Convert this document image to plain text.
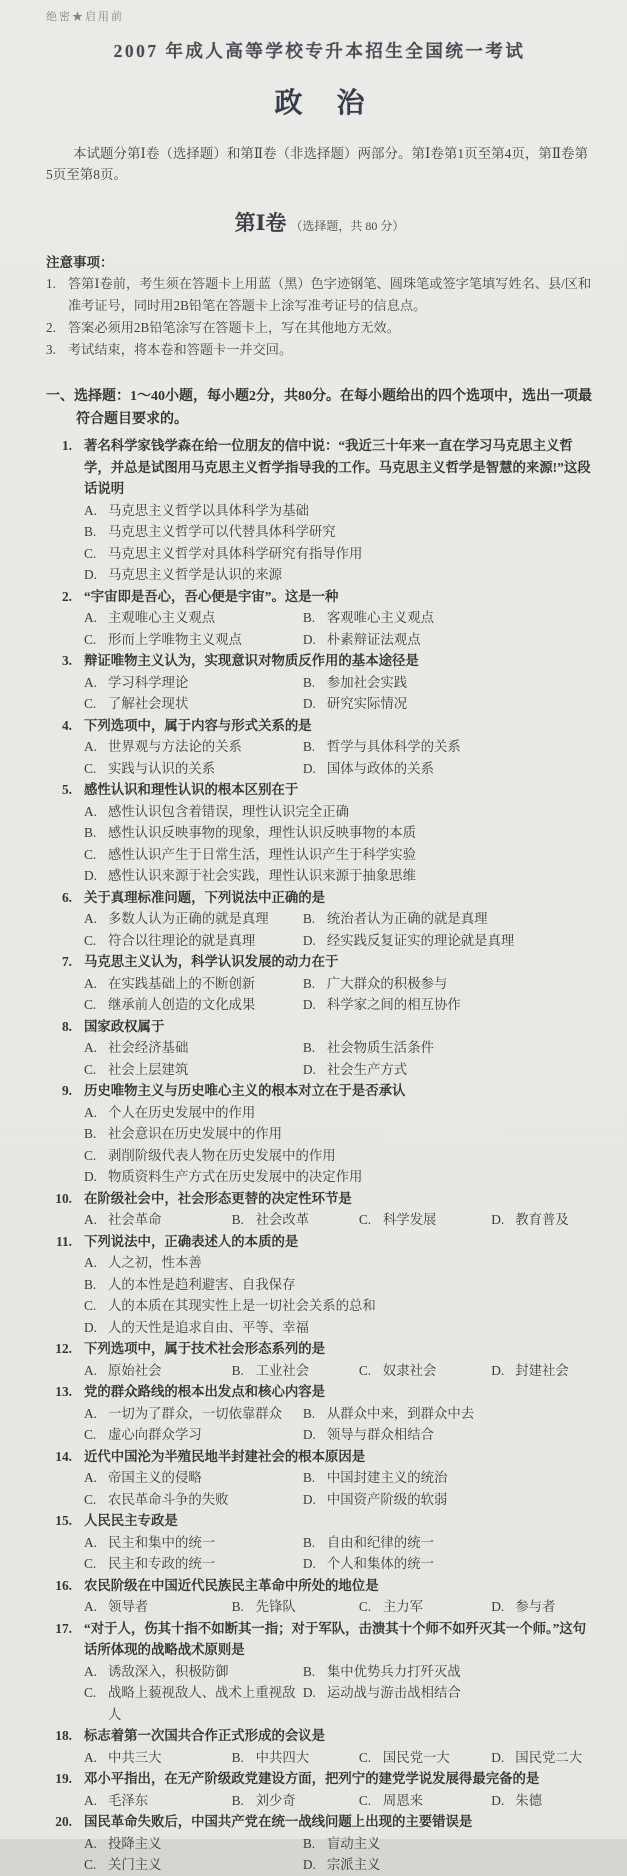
绝密★启用前
2007 年成人高等学校专升本招生全国统一考试
政治

本试题分第Ⅰ卷（选择题）和第Ⅱ卷（非选择题）两部分。第Ⅰ卷第1页至第4页，第Ⅱ卷第5页至第8页。

第Ⅰ卷 （选择题，共 80 分）
注意事项：
1. 答第Ⅰ卷前，考生须在答题卡上用蓝（黑）色字迹钢笔、圆珠笔或签字笔填写姓名、县/区和准考证号，同时用2B铅笔在答题卡上涂写准考证号的信息点。
2. 答案必须用2B铅笔涂写在答题卡上，写在其他地方无效。
3. 考试结束，将本卷和答题卡一并交回。
一、选择题：1～40小题，每小题2分，共80分。在每小题给出的四个选项中，选出一项最符合题目要求的。
1. 著名科学家钱学森在给一位朋友的信中说：“我近三十年来一直在学习马克思主义哲学，并总是试图用马克思主义哲学指导我的工作。马克思主义哲学是智慧的来源!”这段话说明
A. 马克思主义哲学以具体科学为基础
B. 马克思主义哲学可以代替具体科学研究
C. 马克思主义哲学对具体科学研究有指导作用
D. 马克思主义哲学是认识的来源
2. “宇宙即是吾心，吾心便是宇宙”。这是一种
A. 主观唯心主义观点	B. 客观唯心主义观点
C. 形而上学唯物主义观点	D. 朴素辩证法观点
3. 辩证唯物主义认为，实现意识对物质反作用的基本途径是
A. 学习科学理论	B. 参加社会实践
C. 了解社会现状	D. 研究实际情况
4. 下列选项中，属于内容与形式关系的是
A. 世界观与方法论的关系	B. 哲学与具体科学的关系
C. 实践与认识的关系	D. 国体与政体的关系
5. 感性认识和理性认识的根本区别在于
A. 感性认识包含着错误，理性认识完全正确
B. 感性认识反映事物的现象，理性认识反映事物的本质
C. 感性认识产生于日常生活，理性认识产生于科学实验
D. 感性认识来源于社会实践，理性认识来源于抽象思维
6. 关于真理标准问题，下列说法中正确的是
A. 多数人认为正确的就是真理	B. 统治者认为正确的就是真理
C. 符合以往理论的就是真理	D. 经实践反复证实的理论就是真理
7. 马克思主义认为，科学认识发展的动力在于
A. 在实践基础上的不断创新	B. 广大群众的积极参与
C. 继承前人创造的文化成果	D. 科学家之间的相互协作
8. 国家政权属于
A. 社会经济基础	B. 社会物质生活条件
C. 社会上层建筑	D. 社会生产方式
9. 历史唯物主义与历史唯心主义的根本对立在于是否承认
A. 个人在历史发展中的作用
B. 社会意识在历史发展中的作用
C. 剥削阶级代表人物在历史发展中的作用
D. 物质资料生产方式在历史发展中的决定作用
10. 在阶级社会中，社会形态更替的决定性环节是
A. 社会革命	B. 社会改革	C. 科学发展	D. 教育普及
11. 下列说法中，正确表述人的本质的是
A. 人之初，性本善
B. 人的本性是趋利避害、自我保存
C. 人的本质在其现实性上是一切社会关系的总和
D. 人的天性是追求自由、平等、幸福
12. 下列选项中，属于技术社会形态系列的是
A. 原始社会	B. 工业社会	C. 奴隶社会	D. 封建社会
13. 党的群众路线的根本出发点和核心内容是
A. 一切为了群众，一切依靠群众	B. 从群众中来，到群众中去
C. 虚心向群众学习	D. 领导与群众相结合
14. 近代中国沦为半殖民地半封建社会的根本原因是
A. 帝国主义的侵略	B. 中国封建主义的统治
C. 农民革命斗争的失败	D. 中国资产阶级的软弱
15. 人民民主专政是
A. 民主和集中的统一	B. 自由和纪律的统一
C. 民主和专政的统一	D. 个人和集体的统一
16. 农民阶级在中国近代民族民主革命中所处的地位是
A. 领导者	B. 先锋队	C. 主力军	D. 参与者
17. “对于人，伤其十指不如断其一指；对于军队，击溃其十个师不如歼灭其一个师。”这句话所体现的战略战术原则是
A. 诱敌深入，积极防御	B. 集中优势兵力打歼灭战
C. 战略上藐视敌人、战术上重视敌人
D. 运动战与游击战相结合
18. 标志着第一次国共合作正式形成的会议是
A. 中共三大	B. 中共四大	C. 国民党一大	D. 国民党二大
19. 邓小平指出，在无产阶级政党建设方面，把列宁的建党学说发展得最完备的是
A. 毛泽东	B. 刘少奇	C. 周恩来	D. 朱德
20. 国民革命失败后，中国共产党在统一战线问题上出现的主要错误是
A. 投降主义	B. 盲动主义
C. 关门主义	D. 宗派主义
